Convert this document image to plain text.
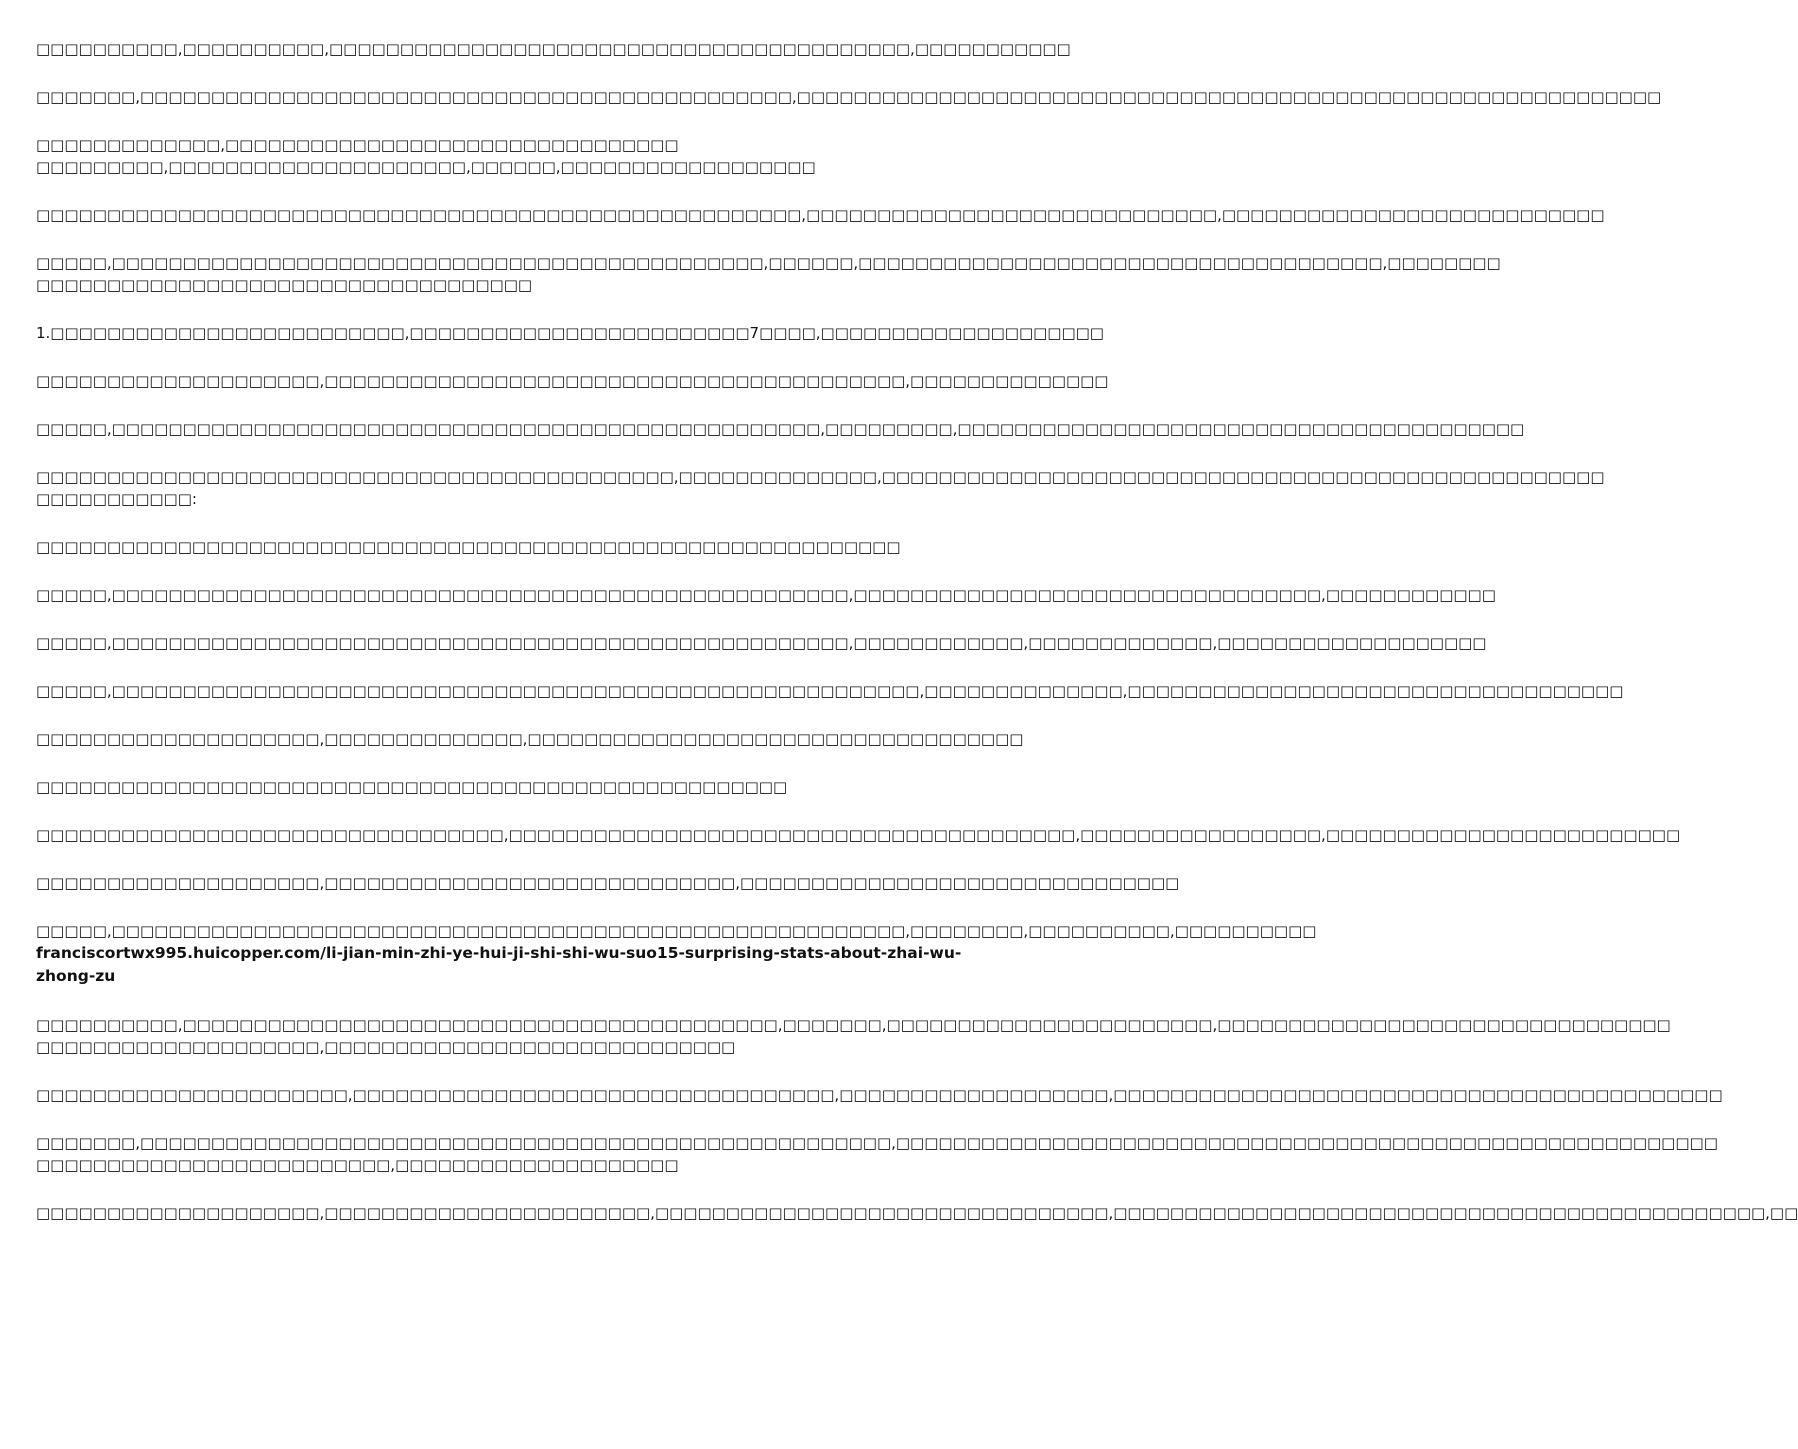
□□□□□□□□□□,□□□□□□□□□□,□□□□□□□□□□□□□□□□□□□□□□□□□□□□□□□□□□□□□□□□□,□□□□□□□□□□□

□□□□□□□,□□□□□□□□□□□□□□□□□□□□□□□□□□□□□□□□□□□□□□□□□□□□□□,□□□□□□□□□□□□□□□□□□□□□□□□□□□□□□□□□□□□□□□□□□□□□□□□□□□□□□□□□□□□□

□□□□□□□□□□□□□,□□□□□□□□□□□□□□□□□□□□□□□□□□□□□□□□
□□□□□□□□□,□□□□□□□□□□□□□□□□□□□□□,□□□□□□,□□□□□□□□□□□□□□□□□□

□□□□□□□□□□□□□□□□□□□□□□□□□□□□□□□□□□□□□□□□□□□□□□□□□□□□□□,□□□□□□□□□□□□□□□□□□□□□□□□□□□□□,□□□□□□□□□□□□□□□□□□□□□□□□□□□

□□□□□,□□□□□□□□□□□□□□□□□□□□□□□□□□□□□□□□□□□□□□□□□□□□□□,□□□□□□,□□□□□□□□□□□□□□□□□□□□□□□□□□□□□□□□□□□□□,□□□□□□□□
□□□□□□□□□□□□□□□□□□□□□□□□□□□□□□□□□□□

1.□□□□□□□□□□□□□□□□□□□□□□□□□,□□□□□□□□□□□□□□□□□□□□□□□□7□□□□,□□□□□□□□□□□□□□□□□□□□

□□□□□□□□□□□□□□□□□□□□,□□□□□□□□□□□□□□□□□□□□□□□□□□□□□□□□□□□□□□□□□,□□□□□□□□□□□□□□

□□□□□,□□□□□□□□□□□□□□□□□□□□□□□□□□□□□□□□□□□□□□□□□□□□□□□□□□,□□□□□□□□□,□□□□□□□□□□□□□□□□□□□□□□□□□□□□□□□□□□□□□□□□

□□□□□□□□□□□□□□□□□□□□□□□□□□□□□□□□□□□□□□□□□□□□□,□□□□□□□□□□□□□□,□□□□□□□□□□□□□□□□□□□□□□□□□□□□□□□□□□□□□□□□□□□□□□□□□□□
□□□□□□□□□□□:

□□□□□□□□□□□□□□□□□□□□□□□□□□□□□□□□□□□□□□□□□□□□□□□□□□□□□□□□□□□□□

□□□□□,□□□□□□□□□□□□□□□□□□□□□□□□□□□□□□□□□□□□□□□□□□□□□□□□□□□□,□□□□□□□□□□□□□□□□□□□□□□□□□□□□□□□□□,□□□□□□□□□□□□

□□□□□,□□□□□□□□□□□□□□□□□□□□□□□□□□□□□□□□□□□□□□□□□□□□□□□□□□□□,□□□□□□□□□□□□,□□□□□□□□□□□□□,□□□□□□□□□□□□□□□□□□□

□□□□□,□□□□□□□□□□□□□□□□□□□□□□□□□□□□□□□□□□□□□□□□□□□□□□□□□□□□□□□□□,□□□□□□□□□□□□□□,□□□□□□□□□□□□□□□□□□□□□□□□□□□□□□□□□□□

□□□□□□□□□□□□□□□□□□□□,□□□□□□□□□□□□□□,□□□□□□□□□□□□□□□□□□□□□□□□□□□□□□□□□□□

□□□□□□□□□□□□□□□□□□□□□□□□□□□□□□□□□□□□□□□□□□□□□□□□□□□□□

□□□□□□□□□□□□□□□□□□□□□□□□□□□□□□□□□,□□□□□□□□□□□□□□□□□□□□□□□□□□□□□□□□□□□□□□□□,□□□□□□□□□□□□□□□□□,□□□□□□□□□□□□□□□□□□□□□□□□□

□□□□□□□□□□□□□□□□□□□□,□□□□□□□□□□□□□□□□□□□□□□□□□□□□□,□□□□□□□□□□□□□□□□□□□□□□□□□□□□□□□

□□□□□,□□□□□□□□□□□□□□□□□□□□□□□□□□□□□□□□□□□□□□□□□□□□□□□□□□□□□□□□,□□□□□□□□,□□□□□□□□□□,□□□□□□□□□□
franciscortwx995.huicopper.com/li-jian-min-zhi-ye-hui-ji-shi-shi-wu-suo15-surprising-stats-about-zhai-wu-zhong-zu

□□□□□□□□□□,□□□□□□□□□□□□□□□□□□□□□□□□□□□□□□□□□□□□□□□□□□,□□□□□□□,□□□□□□□□□□□□□□□□□□□□□□□,□□□□□□□□□□□□□□□□□□□□□□□□□□□□□□□□
□□□□□□□□□□□□□□□□□□□□,□□□□□□□□□□□□□□□□□□□□□□□□□□□□□

□□□□□□□□□□□□□□□□□□□□□□,□□□□□□□□□□□□□□□□□□□□□□□□□□□□□□□□□□,□□□□□□□□□□□□□□□□□□□,□□□□□□□□□□□□□□□□□□□□□□□□□□□□□□□□□□□□□□□□□□□

□□□□□□□,□□□□□□□□□□□□□□□□□□□□□□□□□□□□□□□□□□□□□□□□□□□□□□□□□□□□□,□□□□□□□□□□□□□□□□□□□□□□□□□□□□□□□□□□□□□□□□□□□□□□□□□□□□□□□□□□
□□□□□□□□□□□□□□□□□□□□□□□□□,□□□□□□□□□□□□□□□□□□□□

□□□□□□□□□□□□□□□□□□□□,□□□□□□□□□□□□□□□□□□□□□□□,□□□□□□□□□□□□□□□□□□□□□□□□□□□□□□□□,□□□□□□□□□□□□□□□□□□□□□□□□□□□□□□□□□□□□□□□□□□□□□□,□□
